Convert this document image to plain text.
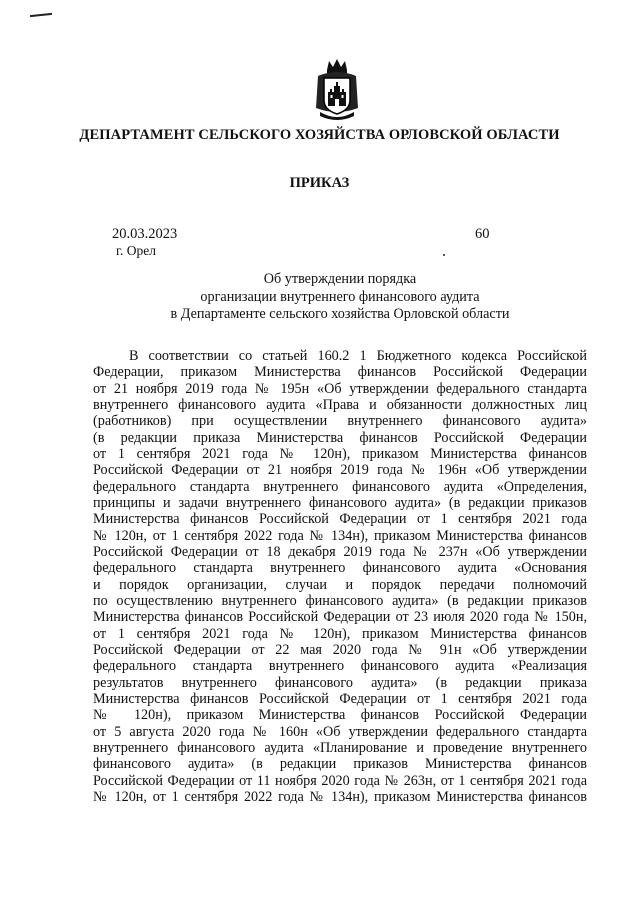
ДЕПАРТАМЕНТ СЕЛЬСКОГО ХОЗЯЙСТВА ОРЛОВСКОЙ ОБЛАСТИ
ПРИКАЗ
20.03.2023
г. Орел
60
Об утверждении порядка
организации внутреннего финансового аудита
в Департаменте сельского хозяйства Орловской области
В соответствии со статьей 160.2 1 Бюджетного кодекса Российской
Федерации, приказом Министерства финансов Российской Федерации
от 21 ноября 2019 года № 195н «Об утверждении федерального стандарта
внутреннего финансового аудита «Права и обязанности должностных лиц
(работников) при осуществлении внутреннего финансового аудита»
(в редакции приказа Министерства финансов Российской Федерации
от 1 сентября 2021 года № 120н), приказом Министерства финансов
Российской Федерации от 21 ноября 2019 года № 196н «Об утверждении
федерального стандарта внутреннего финансового аудита «Определения,
принципы и задачи внутреннего финансового аудита» (в редакции приказов
Министерства финансов Российской Федерации от 1 сентября 2021 года
№ 120н, от 1 сентября 2022 года № 134н), приказом Министерства финансов
Российской Федерации от 18 декабря 2019 года № 237н «Об утверждении
федерального стандарта внутреннего финансового аудита «Основания
и порядок организации, случаи и порядок передачи полномочий
по осуществлению внутреннего финансового аудита» (в редакции приказов
Министерства финансов Российской Федерации от 23 июля 2020 года № 150н,
от 1 сентября 2021 года № 120н), приказом Министерства финансов
Российской Федерации от 22 мая 2020 года № 91н «Об утверждении
федерального стандарта внутреннего финансового аудита «Реализация
результатов внутреннего финансового аудита» (в редакции приказа
Министерства финансов Российской Федерации от 1 сентября 2021 года
№ 120н), приказом Министерства финансов Российской Федерации
от 5 августа 2020 года № 160н «Об утверждении федерального стандарта
внутреннего финансового аудита «Планирование и проведение внутреннего
финансового аудита» (в редакции приказов Министерства финансов
Российской Федерации от 11 ноября 2020 года № 263н, от 1 сентября 2021 года
№ 120н, от 1 сентября 2022 года № 134н), приказом Министерства финансов
